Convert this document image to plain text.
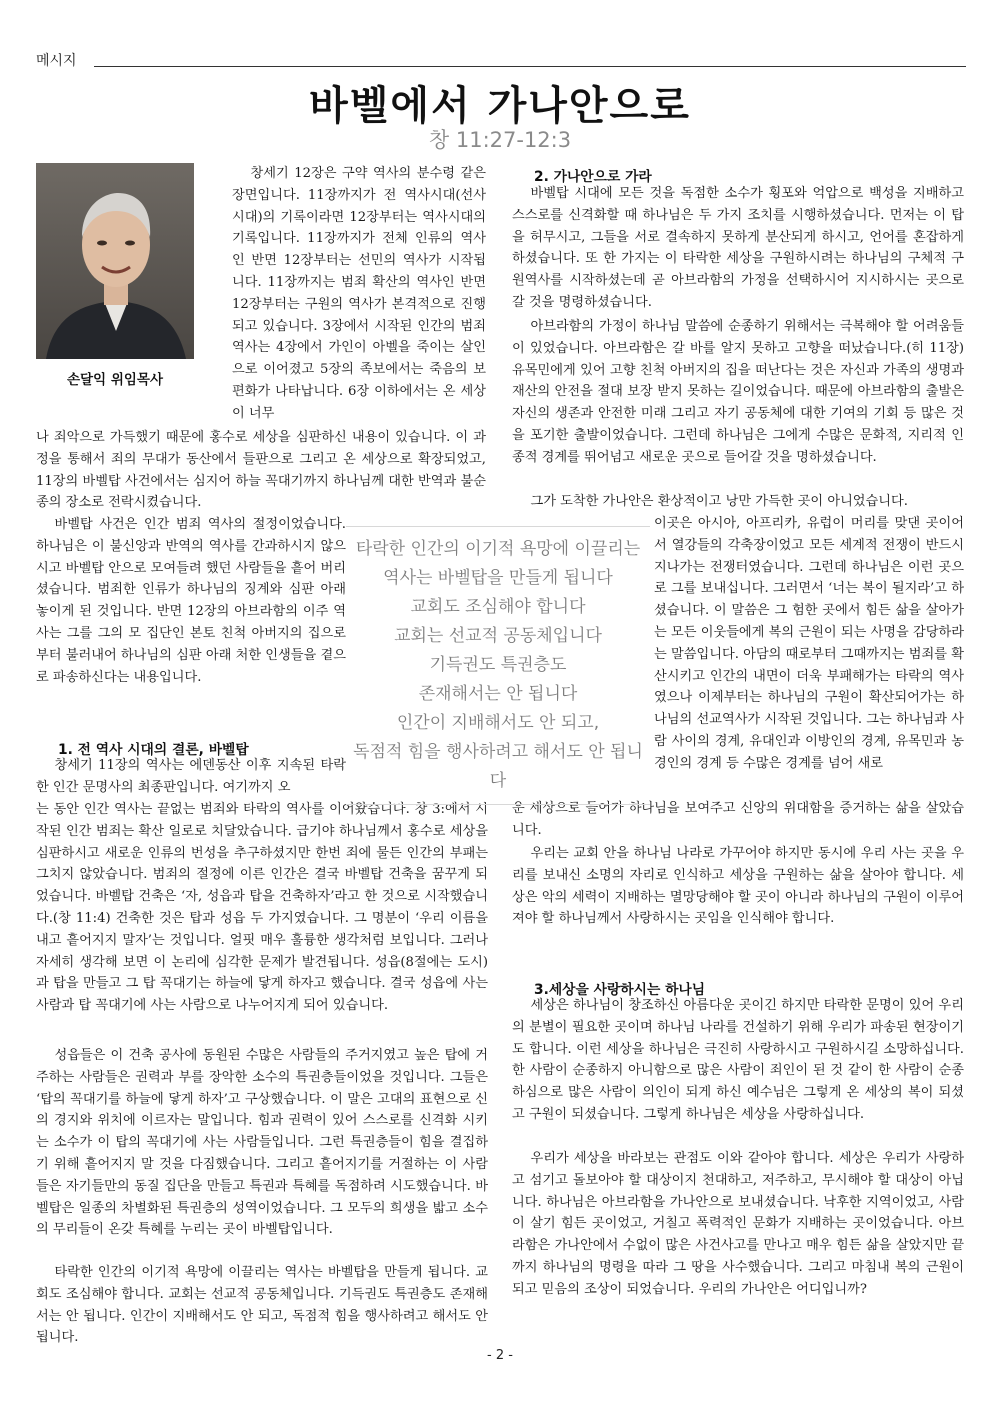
메시지
바벨에서 가나안으로
창 11:27-12:3
손달익 위임목사
창세기 12장은 구약 역사의 분수령 같은 장면입니다. 11장까지가 전 역사시대(선사시대)의 기록이라면 12장부터는 역사시대의 기록입니다. 11장까지가 전체 인류의 역사인 반면 12장부터는 선민의 역사가 시작됩니다. 11장까지는 범죄 확산의 역사인 반면 12장부터는 구원의 역사가 본격적으로 진행되고 있습니다. 3장에서 시작된 인간의 범죄 역사는 4장에서 가인이 아벨을 죽이는 살인으로 이어졌고 5장의 족보에서는 죽음의 보편화가 나타납니다. 6장 이하에서는 온 세상이 너무
나 죄악으로 가득했기 때문에 홍수로 세상을 심판하신 내용이 있습니다. 이 과정을 통해서 죄의 무대가 동산에서 들판으로 그리고 온 세상으로 확장되었고, 11장의 바벨탑 사건에서는 심지어 하늘 꼭대기까지 하나님께 대한 반역과 불순종의 장소로 전락시켰습니다.
바벨탑 사건은 인간 범죄 역사의 절정이었습니다. 하나님은 이 불신앙과 반역의 역사를 간과하시지 않으시고 바벨탑 안으로 모여들려 했던 사람들을 흩어 버리셨습니다. 범죄한 인류가 하나님의 징계와 심판 아래 놓이게 된 것입니다. 반면 12장의 아브라함의 이주 역사는 그를 그의 모 집단인 본토 친척 아버지의 집으로부터 불러내어 하나님의 심판 아래 처한 인생들을 곁으로 파송하신다는 내용입니다.
1. 전 역사 시대의 결론, 바벨탑
창세기 11장의 역사는 에덴동산 이후 지속된 타락한 인간 문명사의 최종판입니다. 여기까지 오
는 동안 인간 역사는 끝없는 범죄와 타락의 역사를 이어왔습니다. 창 3:에서 시작된 인간 범죄는 확산 일로로 치달았습니다. 급기야 하나님께서 홍수로 세상을 심판하시고 새로운 인류의 번성을 추구하셨지만 한번 죄에 물든 인간의 부패는 그치지 않았습니다. 범죄의 절정에 이른 인간은 결국 바벨탑 건축을 꿈꾸게 되었습니다. 바벨탑 건축은 ‘자, 성읍과 탑을 건축하자’라고 한 것으로 시작했습니다.(창 11:4) 건축한 것은 탑과 성읍 두 가지였습니다. 그 명분이 ‘우리 이름을 내고 흩어지지 말자’는 것입니다. 얼핏 매우 훌륭한 생각처럼 보입니다. 그러나 자세히 생각해 보면 이 논리에 심각한 문제가 발견됩니다. 성읍(8절에는 도시)과 탑을 만들고 그 탑 꼭대기는 하늘에 닿게 하자고 했습니다. 결국 성읍에 사는 사람과 탑 꼭대기에 사는 사람으로 나누어지게 되어 있습니다.
성읍들은 이 건축 공사에 동원된 수많은 사람들의 주거지였고 높은 탑에 거주하는 사람들은 권력과 부를 장악한 소수의 특권층들이었을 것입니다. 그들은 ‘탑의 꼭대기를 하늘에 닿게 하자’고 구상했습니다. 이 말은 고대의 표현으로 신의 경지와 위치에 이르자는 말입니다. 힘과 권력이 있어 스스로를 신격화 시키는 소수가 이 탑의 꼭대기에 사는 사람들입니다. 그런 특권층들이 힘을 결집하기 위해 흩어지지 말 것을 다짐했습니다. 그리고 흩어지기를 거절하는 이 사람들은 자기들만의 동질 집단을 만들고 특권과 특혜를 독점하려 시도했습니다. 바벨탑은 일종의 차별화된 특권층의 성역이었습니다. 그 모두의 희생을 밟고 소수의 무리들이 온갖 특혜를 누리는 곳이 바벨탑입니다.
타락한 인간의 이기적 욕망에 이끌리는 역사는 바벨탑을 만들게 됩니다. 교회도 조심해야 합니다. 교회는 선교적 공동체입니다. 기득권도 특권층도 존재해서는 안 됩니다. 인간이 지배해서도 안 되고, 독점적 힘을 행사하려고 해서도 안 됩니다.
2. 가나안으로 가라
바벨탑 시대에 모든 것을 독점한 소수가 횡포와 억압으로 백성을 지배하고 스스로를 신격화할 때 하나님은 두 가지 조치를 시행하셨습니다. 먼저는 이 탑을 허무시고, 그들을 서로 결속하지 못하게 분산되게 하시고, 언어를 혼잡하게 하셨습니다. 또 한 가지는 이 타락한 세상을 구원하시려는 하나님의 구체적 구원역사를 시작하셨는데 곧 아브라함의 가정을 선택하시어 지시하시는 곳으로 갈 것을 명령하셨습니다.
아브라함의 가정이 하나님 말씀에 순종하기 위해서는 극복해야 할 어려움들이 있었습니다. 아브라함은 갈 바를 알지 못하고 고향을 떠났습니다.(히 11장) 유목민에게 있어 고향 친척 아버지의 집을 떠난다는 것은 자신과 가족의 생명과 재산의 안전을 절대 보장 받지 못하는 길이었습니다. 때문에 아브라함의 출발은 자신의 생존과 안전한 미래 그리고 자기 공동체에 대한 기여의 기회 등 많은 것을 포기한 출발이었습니다. 그런데 하나님은 그에게 수많은 문화적, 지리적 인종적 경계를 뛰어넘고 새로운 곳으로 들어갈 것을 명하셨습니다.
그가 도착한 가나안은 환상적이고 낭만 가득한 곳이 아니었습니다.
이곳은 아시아, 아프리카, 유럽이 머리를 맞댄 곳이어서 열강들의 각축장이었고 모든 세계적 전쟁이 반드시 지나가는 전쟁터였습니다. 그런데 하나님은 이런 곳으로 그를 보내십니다. 그러면서 ‘너는 복이 될지라’고 하셨습니다. 이 말씀은 그 험한 곳에서 힘든 삶을 살아가는 모든 이웃들에게 복의 근원이 되는 사명을 감당하라는 말씀입니다. 아담의 때로부터 그때까지는 범죄를 확산시키고 인간의 내면이 더욱 부패해가는 타락의 역사였으나 이제부터는 하나님의 구원이 확산되어가는 하나님의 선교역사가 시작된 것입니다. 그는 하나님과 사람 사이의 경계, 유대인과 이방인의 경계, 유목민과 농경인의 경계 등 수많은 경계를 넘어 새로
운 세상으로 들어가 하나님을 보여주고 신앙의 위대함을 증거하는 삶을 살았습니다.
우리는 교회 안을 하나님 나라로 가꾸어야 하지만 동시에 우리 사는 곳을 우리를 보내신 소명의 자리로 인식하고 세상을 구원하는 삶을 살아야 합니다. 세상은 악의 세력이 지배하는 멸망당해야 할 곳이 아니라 하나님의 구원이 이루어져야 할 하나님께서 사랑하시는 곳임을 인식해야 합니다.
3.세상을 사랑하시는 하나님
세상은 하나님이 창조하신 아름다운 곳이긴 하지만 타락한 문명이 있어 우리의 분별이 필요한 곳이며 하나님 나라를 건설하기 위해 우리가 파송된 현장이기도 합니다. 이런 세상을 하나님은 극진히 사랑하시고 구원하시길 소망하십니다. 한 사람이 순종하지 아니함으로 많은 사람이 죄인이 된 것 같이 한 사람이 순종하심으로 많은 사람이 의인이 되게 하신 예수님은 그렇게 온 세상의 복이 되셨고 구원이 되셨습니다. 그렇게 하나님은 세상을 사랑하십니다.
우리가 세상을 바라보는 관점도 이와 같아야 합니다. 세상은 우리가 사랑하고 섬기고 돌보아야 할 대상이지 천대하고, 저주하고, 무시해야 할 대상이 아닙니다. 하나님은 아브라함을 가나안으로 보내셨습니다. 낙후한 지역이었고, 사람이 살기 힘든 곳이었고, 거칠고 폭력적인 문화가 지배하는 곳이었습니다. 아브라함은 가나안에서 수없이 많은 사건사고를 만나고 매우 힘든 삶을 살았지만 끝까지 하나님의 명령을 따라 그 땅을 사수했습니다. 그리고 마침내 복의 근원이 되고 믿음의 조상이 되었습니다. 우리의 가나안은 어디입니까?
타락한 인간의 이기적 욕망에 이끌리는
역사는 바벨탑을 만들게 됩니다
교회도 조심해야 합니다
교회는 선교적 공동체입니다
기득권도 특권층도
존재해서는 안 됩니다
인간이 지배해서도 안 되고,
독점적 힘을 행사하려고 해서도 안 됩니다
- 2 -
